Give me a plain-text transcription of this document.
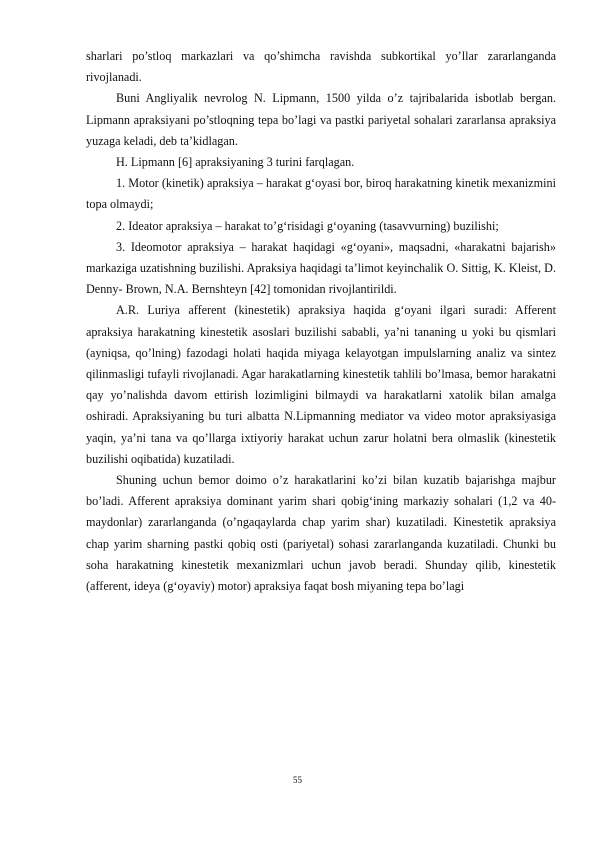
sharlari po’stloq markazlari va qo’shimcha ravishda subkortikal yo’llar zararlanganda rivojlanadi.

Buni Angliyalik nevrolog N. Lipmann, 1500 yilda o’z tajribalarida isbotlab bergan. Lipmann apraksiyani po’stloqning tepa bo’lagi va pastki pariyetal sohalari zararlansa apraksiya yuzaga keladi, deb ta’kidlagan.

H. Lipmann [6] apraksiyaning 3 turini farqlagan.

1. Motor (kinetik) apraksiya – harakat g‘oyasi bor, biroq harakatning kinetik mexanizmini topa olmaydi;

2. Ideator apraksiya – harakat to’g‘risidagi g‘oyaning (tasavvurning) buzilishi;

3. Ideomotor apraksiya – harakat haqidagi «g‘oyani», maqsadni, «harakatni bajarish» markaziga uzatishning buzilishi. Apraksiya haqidagi ta’limot keyinchalik O. Sittig, K. Kleist, D. Denny- Brown, N.A. Bernshteyn [42] tomonidan rivojlantirildi.

A.R. Luriya afferent (kinestetik) apraksiya haqida g‘oyani ilgari suradi: Afferent apraksiya harakatning kinestetik asoslari buzilishi sababli, ya’ni tananing u yoki bu qismlari (ayniqsa, qo’lning) fazodagi holati haqida miyaga kelayotgan impulslarning analiz va sintez qilinmasligi tufayli rivojlanadi. Agar harakatlarning kinestetik tahlili bo’lmasa, bemor harakatni qay yo’nalishda davom ettirish lozimligini bilmaydi va harakatlarni xatolik bilan amalga oshiradi. Apraksiyaning bu turi albatta N.Lipmanning mediator va video motor apraksiyasiga yaqin, ya’ni tana va qo’llarga ixtiyoriy harakat uchun zarur holatni bera olmaslik (kinestetik buzilishi oqibatida) kuzatiladi.

Shuning uchun bemor doimo o’z harakatlarini ko’zi bilan kuzatib bajarishga majbur bo’ladi. Afferent apraksiya dominant yarim shari qobig‘ining markaziy sohalari (1,2 va 40-maydonlar) zararlanganda (o’ngaqaylarda chap yarim shar) kuzatiladi. Kinestetik apraksiya chap yarim sharning pastki qobiq osti (pariyetal) sohasi zararlanganda kuzatiladi. Chunki bu soha harakatning kinestetik mexanizmlari uchun javob beradi. Shunday qilib, kinestetik (afferent, ideya (g‘oyaviy) motor) apraksiya faqat bosh miyaning tepa bo’lagi

55
